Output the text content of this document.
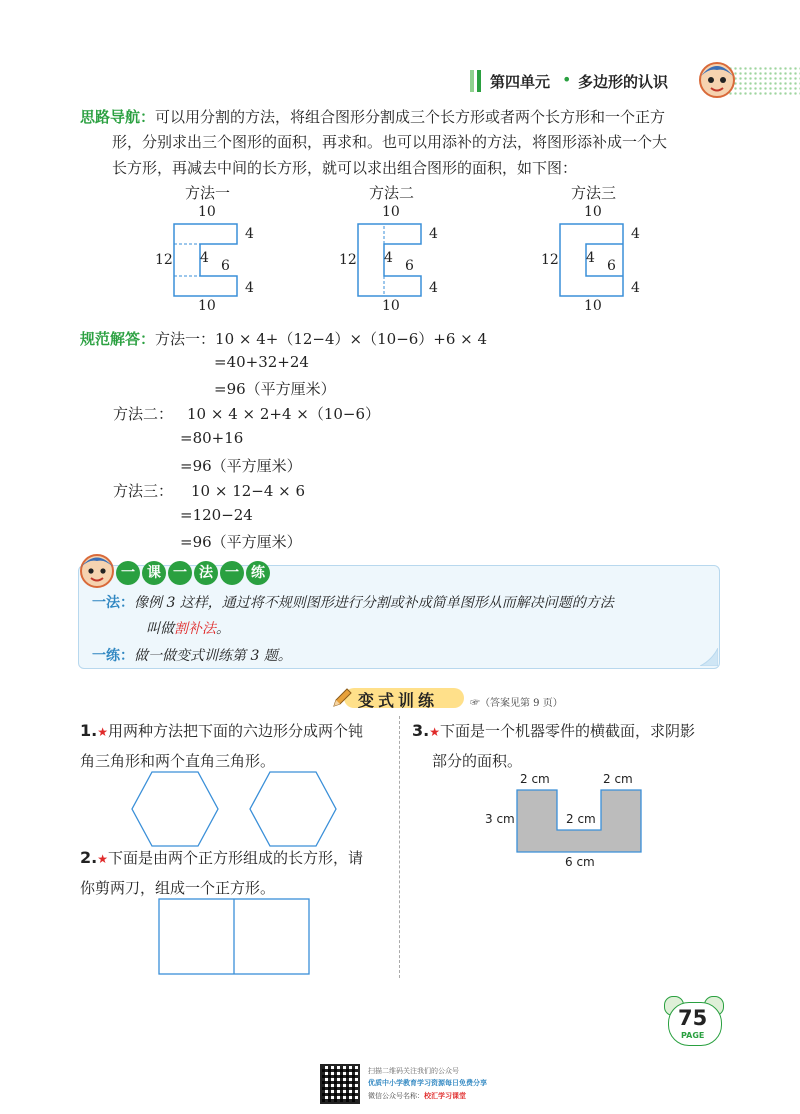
第四单元 • 多边形的认识
思路导航：可以用分割的方法，将组合图形分割成三个长方形或者两个长方形和一个正方
形，分别求出三个图形的面积，再求和。也可以用添补的方法，将图形添补成一个大
长方形，再减去中间的长方形，就可以求出组合图形的面积，如下图：
方法一
10
12
4
4 6
4
10
方法二
10
12
4
4 6
4
10
方法三
10
12
4
4 6
4
10
规范解答：方法一：10 × 4+（12−4）×（10−6）+6 × 4
=40+32+24
=96（平方厘米）
方法二： 10 × 4 × 2+4 ×（10−6）
=80+16
=96（平方厘米）
方法三： 10 × 12−4 × 6
=120−24
=96（平方厘米）
一 课 一 法 一 练
一法：像例 3 这样，通过将不规则图形进行分割或补成简单图形从而解决问题的方法
叫做割补法。
一练：做一做变式训练第 3 题。
变式训练	☞（答案见第 9 页）
1.★用两种方法把下面的六边形分成两个钝
角三角形和两个直角三角形。
2.★下面是由两个正方形组成的长方形，请
你剪两刀，组成一个正方形。
3.★下面是一个机器零件的横截面，求阴影
部分的面积。
2 cm	2 cm
3 cm	2 cm
6 cm
75
PAGE
扫描二维码关注我们的公众号
优质中小学教育学习资源每日免费分享
微信公众号名称：校汇学习课堂
